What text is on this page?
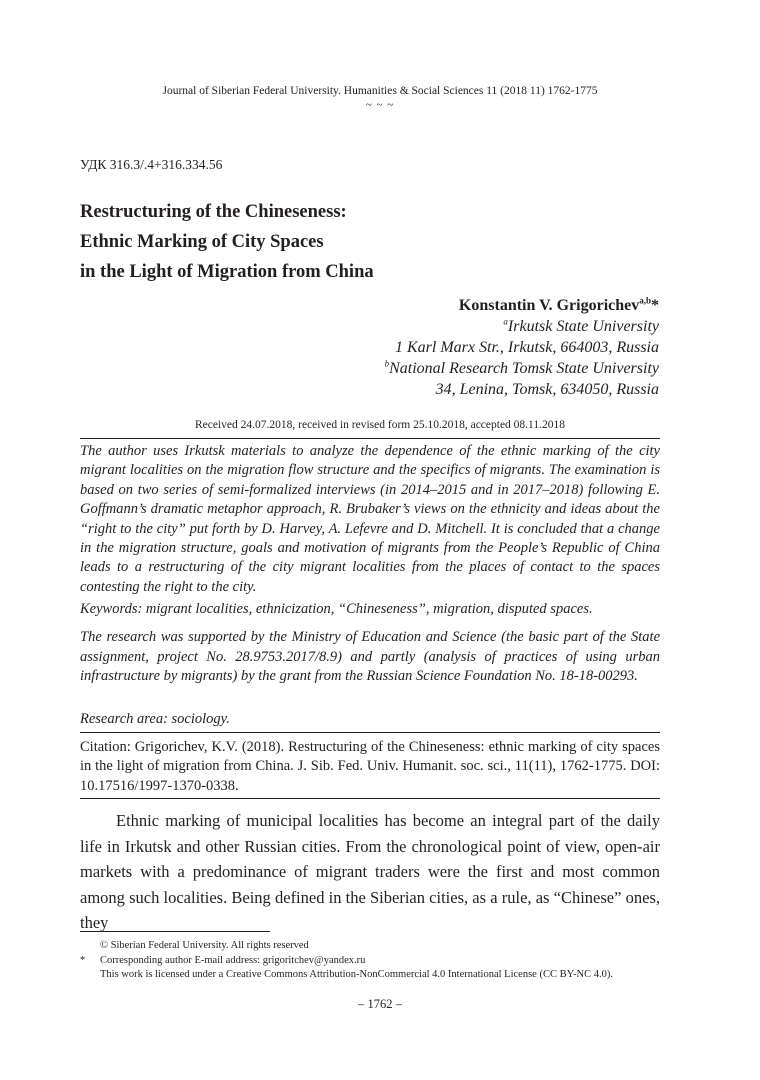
Journal of Siberian Federal University. Humanities & Social Sciences 11 (2018 11) 1762-1775
~ ~ ~
УДК 316.3/.4+316.334.56
Restructuring of the Chineseness:
Ethnic Marking of City Spaces
in the Light of Migration from China
Konstantin V. Grigorichev$^{a,b}$*
$^a$Irkutsk State University
1 Karl Marx Str., Irkutsk, 664003, Russia
$^b$National Research Tomsk State University
34, Lenina, Tomsk, 634050, Russia
Received 24.07.2018, received in revised form 25.10.2018, accepted 08.11.2018

The author uses Irkutsk materials to analyze the dependence of the ethnic marking of the city migrant localities on the migration flow structure and the specifics of migrants. The examination is based on two series of semi-formalized interviews (in 2014–2015 and in 2017–2018) following E. Goffmann’s dramatic metaphor approach, R. Brubaker’s views on the ethnicity and ideas about the “right to the city” put forth by D. Harvey, A. Lefevre and D. Mitchell. It is concluded that a change in the migration structure, goals and motivation of migrants from the People’s Republic of China leads to a restructuring of the city migrant localities from the places of contact to the spaces contesting the right to the city.

Keywords: migrant localities, ethnicization, “Chineseness”, migration, disputed spaces.
The research was supported by the Ministry of Education and Science (the basic part of the State assignment, project No. 28.9753.2017/8.9) and partly (analysis of practices of using urban infrastructure by migrants) by the grant from the Russian Science Foundation No. 18-18-00293.
Research area: sociology.
Citation: Grigorichev, K.V. (2018). Restructuring of the Chineseness: ethnic marking of city spaces in the light of migration from China. J. Sib. Fed. Univ. Humanit. soc. sci., 11(11), 1762-1775. DOI: 10.17516/1997-1370-0338.

Ethnic marking of municipal localities has become an integral part of the daily life in Irkutsk and other Russian cities. From the chronological point of view, open-air markets with a predominance of migrant traders were the first and most common among such localities. Being defined in the Siberian cities, as a rule, as “Chinese” ones, they

© Siberian Federal University. All rights reserved
* Corresponding author E-mail address: grigoritchev@yandex.ru
This work is licensed under a Creative Commons Attribution-NonCommercial 4.0 International License (CC BY-NC 4.0).
– 1762 –
